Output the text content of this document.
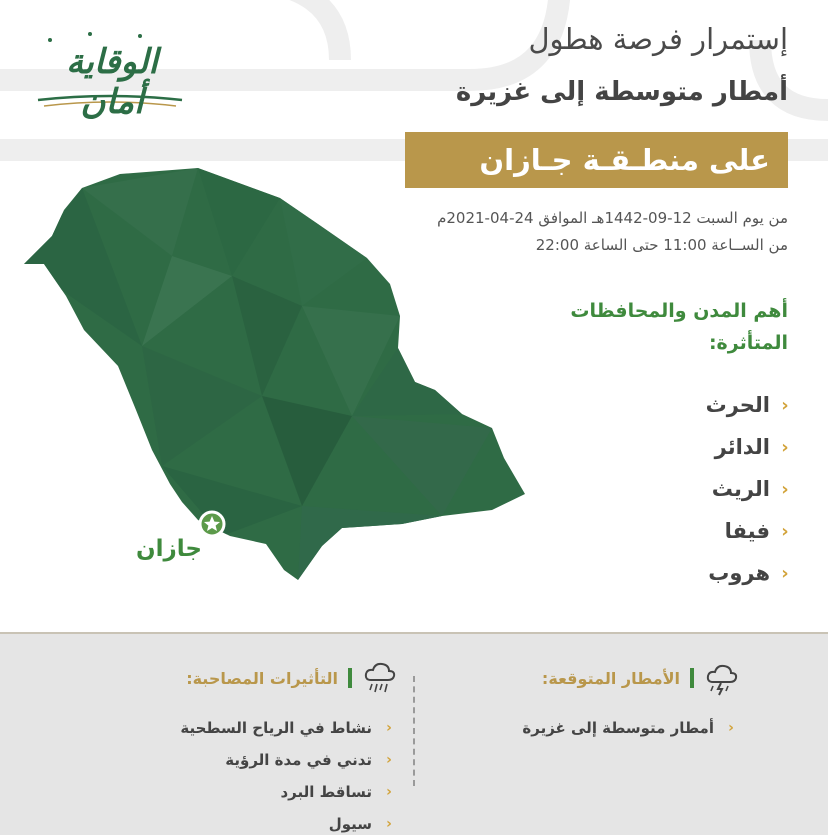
الوقاية أمان
جازان
إستمرار فرصة هطول
أمطار متوسطة إلى غزيرة
على منطـقـة جـازان
من يوم السبت 12-09-1442هـ الموافق 24-04-2021م
من الســاعة 11:00 حتى الساعة 22:00
أهم المدن والمحافظات
المتأثرة:
‹
الحرث
‹
الدائر
‹
الريث
‹
فيفا
‹
هروب
الأمطار المتوقعة:
‹
أمطار متوسطة إلى غزيرة
التأثيرات المصاحبة:
‹
نشاط في الرياح السطحية
‹
تدني في مدة الرؤية
‹
تساقط البرد
‹
سيول
